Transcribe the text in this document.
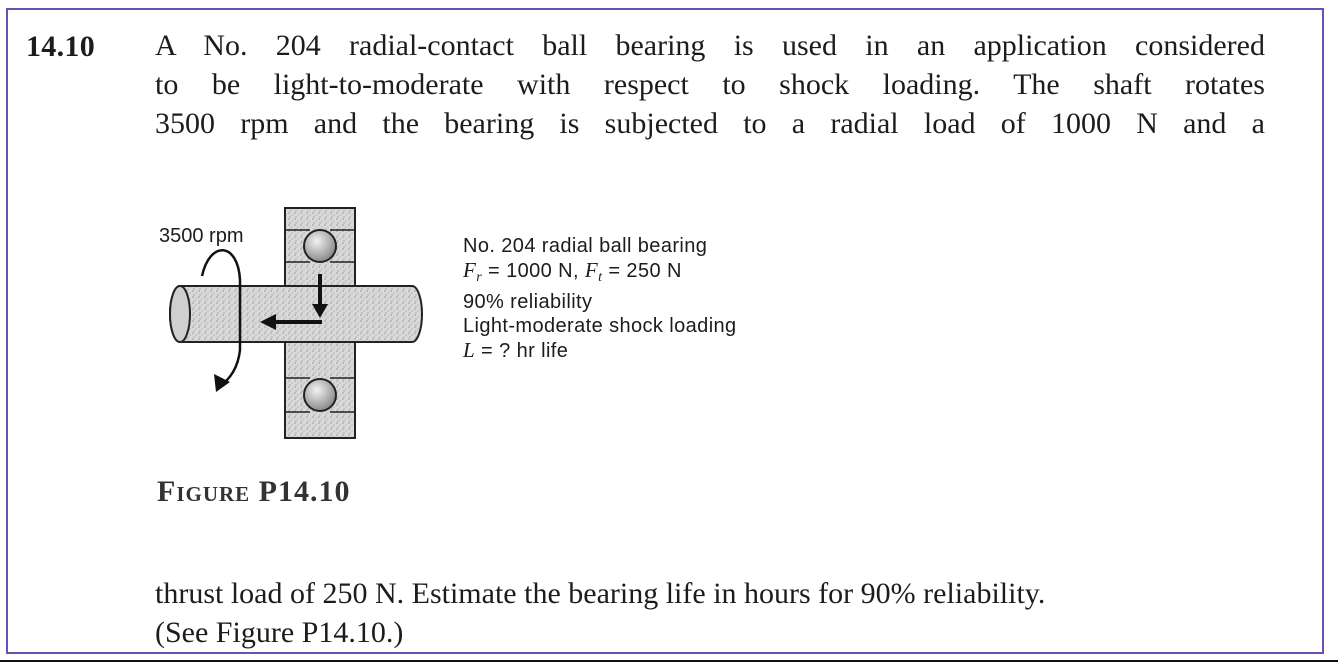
14.10 A No. 204 radial-contact ball bearing is used in an application considered
to be light-to-moderate with respect to shock loading. The shaft rotates
3500 rpm and the bearing is subjected to a radial load of 1000 N and a
3500 rpm	No. 204 radial ball bearing
$F_r = 1000$ N, $F_t = 250$ N
90% reliability
Light-moderate shock loading
L = ? hr life
Figure P14.10
thrust load of 250 N. Estimate the bearing life in hours for 90% reliability.
(See Figure P14.10.)
